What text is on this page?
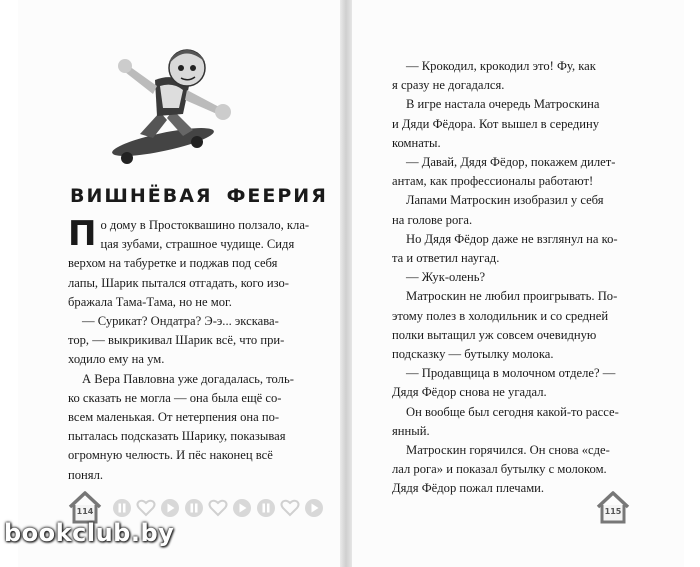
ВИШНЁВАЯ ФЕЕРИЯ

П о дому в Простоквашино ползало, кла-
цая зубами, страшное чудище. Сидя
верхом на табуретке и поджав под себя
лапы, Шарик пытался отгадать, кого изо-
бражала Тама-Тама, но не мог.

— Сурикат? Ондатра? Э-э... экскава-
тор, — выкрикивал Шарик всё, что при-
ходило ему на ум.

А Вера Павловна уже догадалась, толь-
ко сказать не могла — она была ещё со-
всем маленькая. От нетерпения она по-
пыталась подсказать Шарику, показывая
огромную челюсть. И пёс наконец всё
понял.

— Крокодил, крокодил это! Фу, как
я сразу не догадался.

В игре настала очередь Матроскина
и Дяди Фёдора. Кот вышел в середину
комнаты.

— Давай, Дядя Фёдор, покажем дилет-
антам, как профессионалы работают!

Лапами Матроскин изобразил у себя
на голове рога.

Но Дядя Фёдор даже не взглянул на ко-
та и ответил наугад.

— Жук-олень?

Матроскин не любил проигрывать. По-
этому полез в холодильник и со средней
полки вытащил уж совсем очевидную
подсказку — бутылку молока.

— Продавщица в молочном отделе? —
Дядя Фёдор снова не угадал.

Он вообще был сегодня какой-то рассе-
янный.

Матроскин горячился. Он снова «сде-
лал рога» и показал бутылку с молоком.
Дядя Фёдор пожал плечами.

114	115
bookclub.by
